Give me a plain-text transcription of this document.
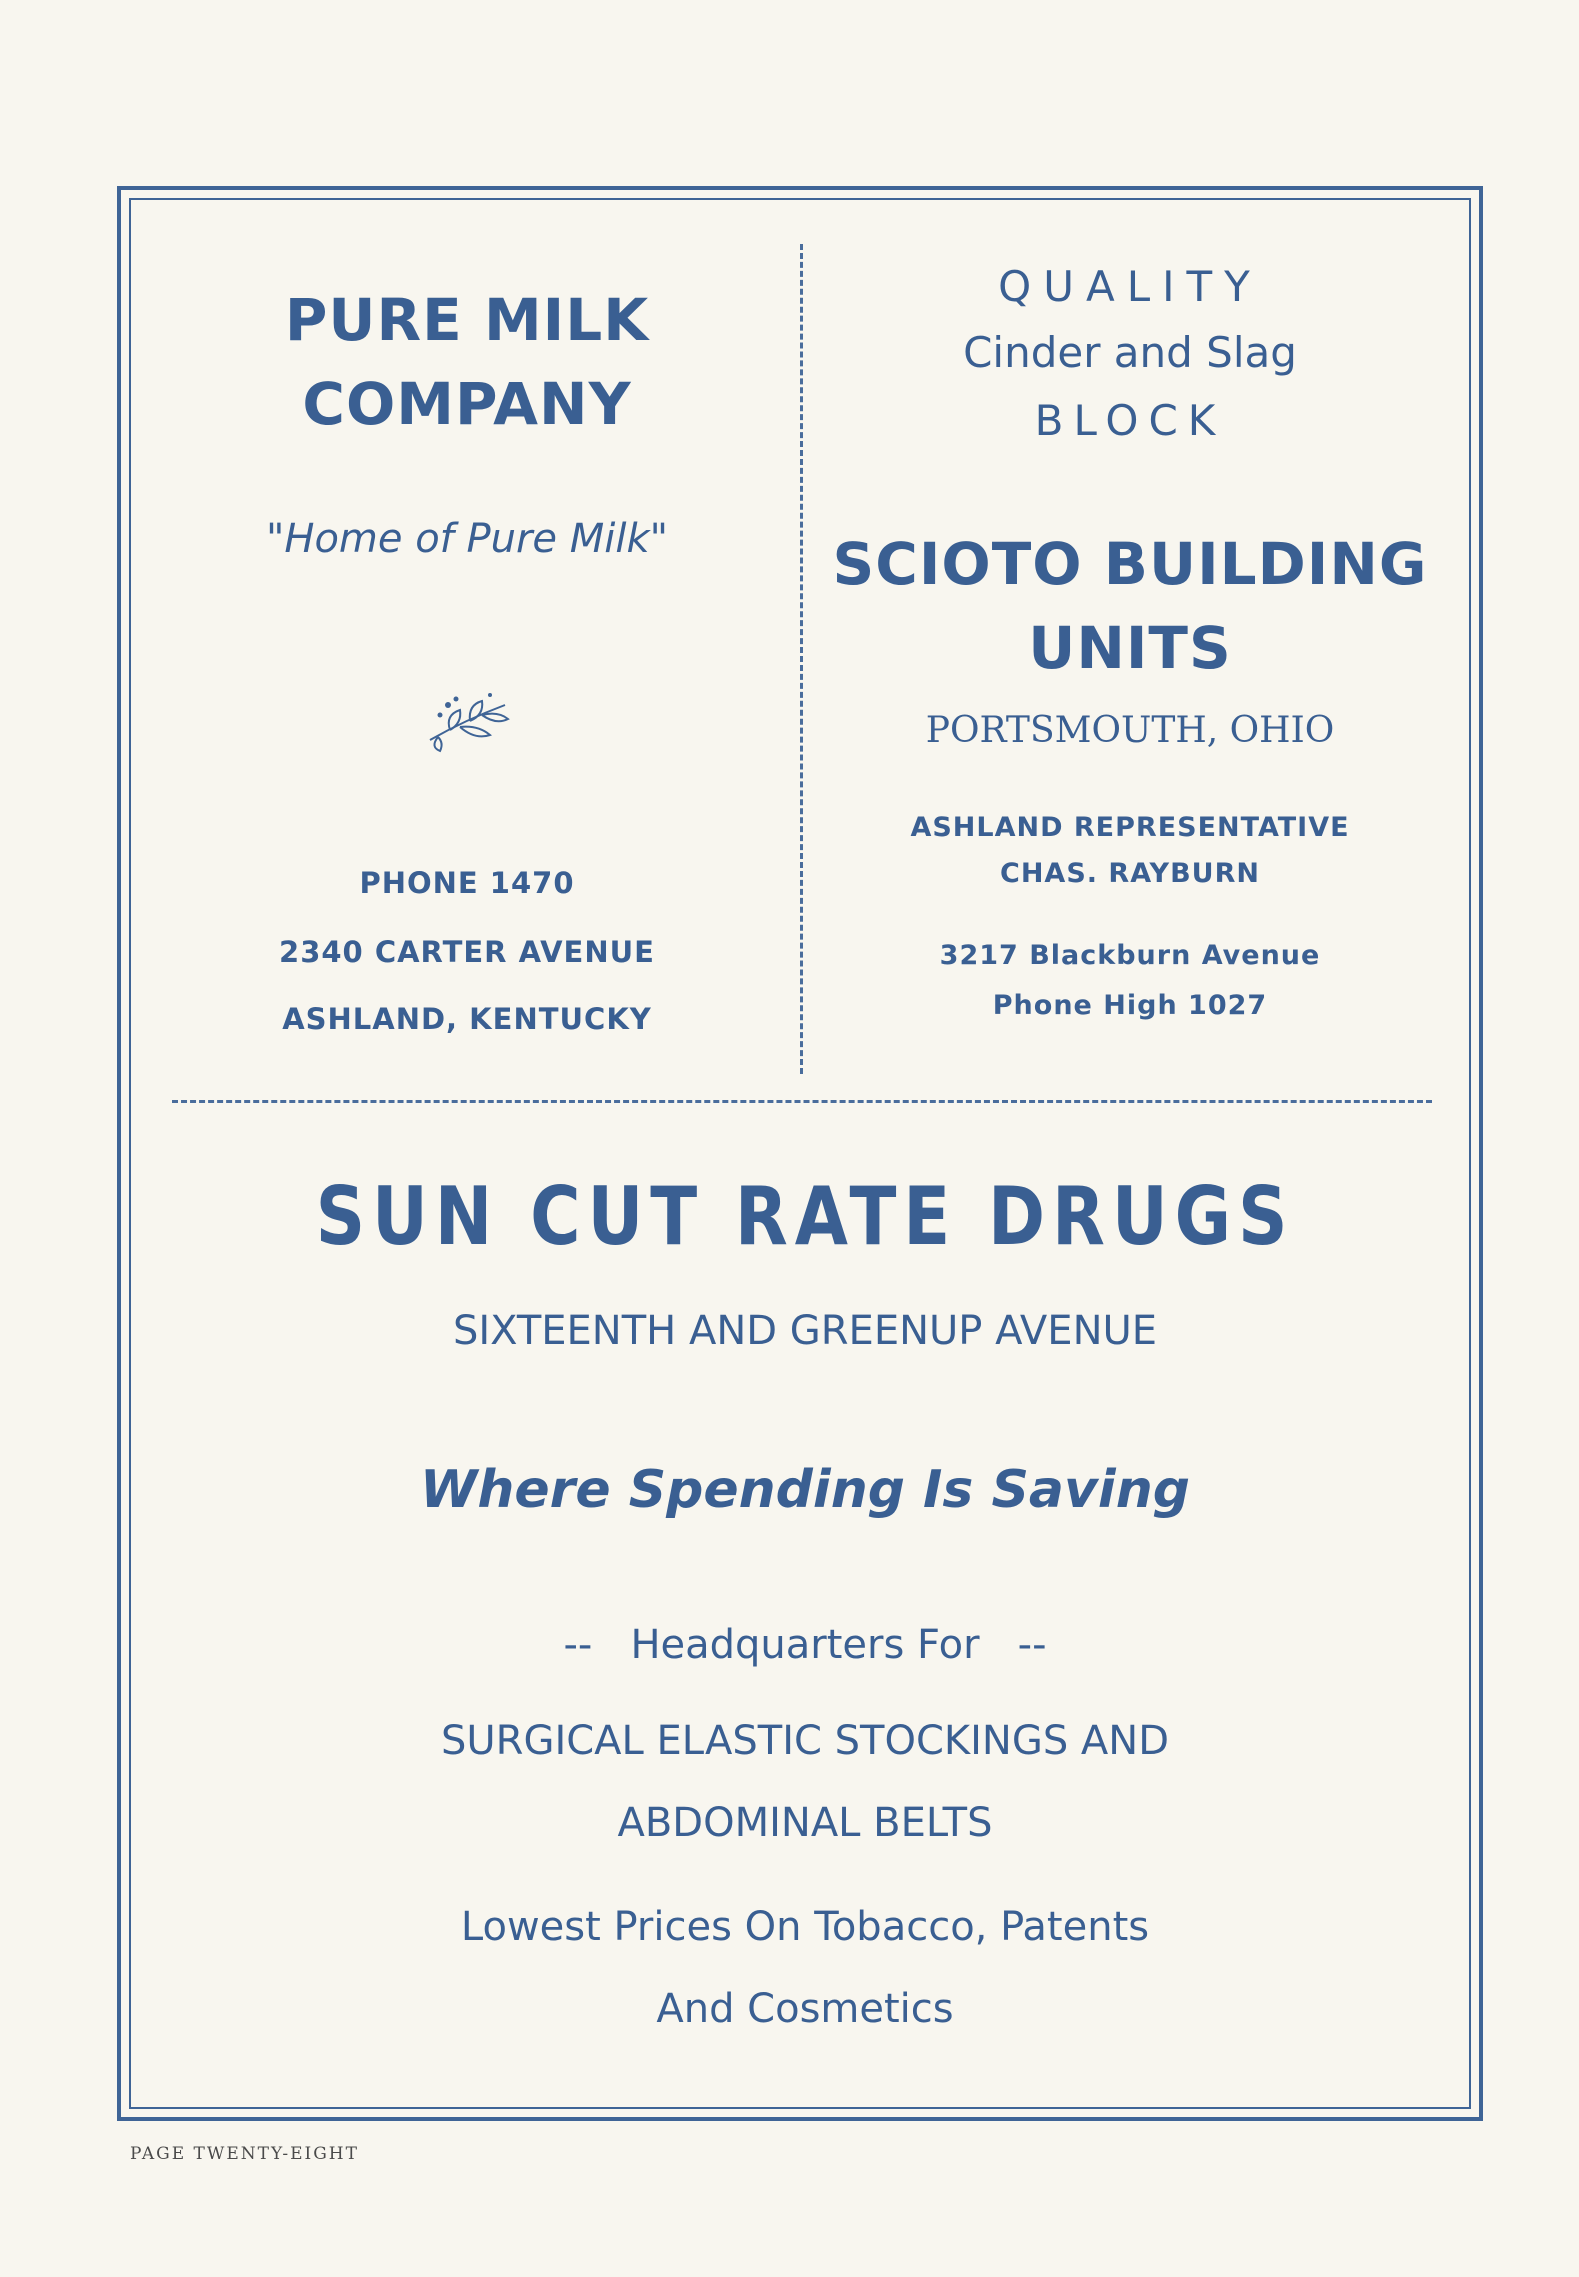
PURE MILK
COMPANY
"Home of Pure Milk"
PHONE 1470
2340 CARTER AVENUE
ASHLAND, KENTUCKY
QUALITY
Cinder and Slag
BLOCK
SCIOTO BUILDING
UNITS
PORTSMOUTH, OHIO
ASHLAND REPRESENTATIVE
CHAS. RAYBURN
3217 Blackburn Avenue
Phone High 1027
SUN CUT RATE DRUGS
SIXTEENTH AND GREENUP AVENUE
Where Spending Is Saving
--   Headquarters For   --
SURGICAL ELASTIC STOCKINGS AND
ABDOMINAL BELTS
Lowest Prices On Tobacco, Patents
And Cosmetics
PAGE TWENTY-EIGHT
